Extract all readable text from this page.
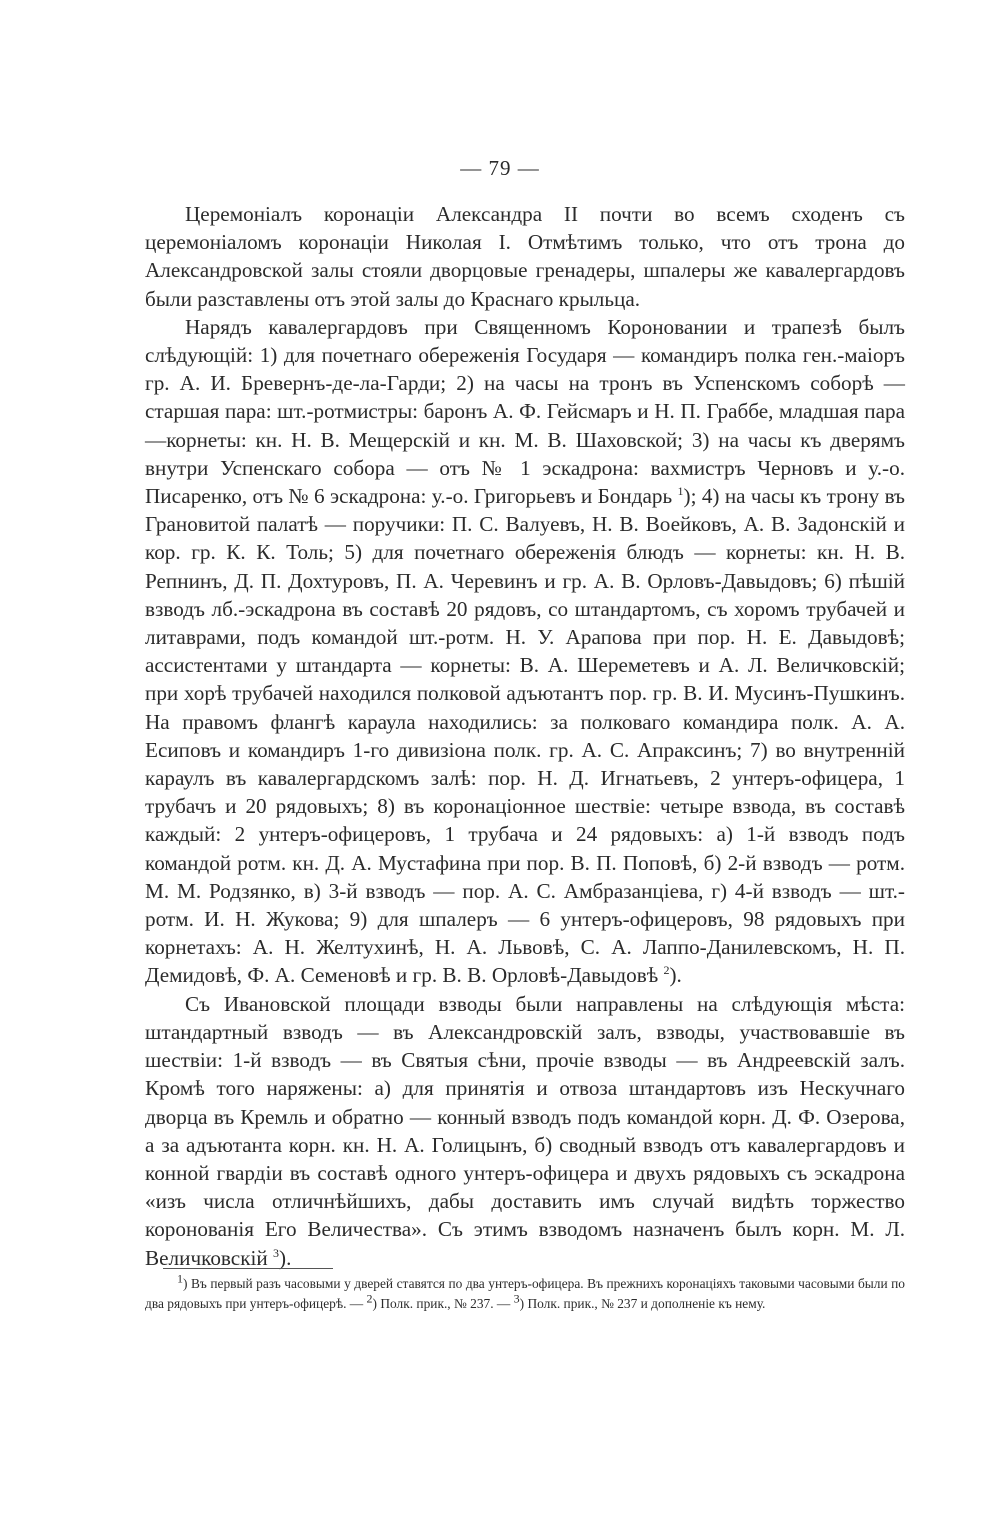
— 79 —

Церемоніалъ коронаціи Александра II почти во всемъ сходенъ съ церемоніаломъ коронаціи Николая I. Отмѣтимъ только, что отъ трона до Александровской залы стояли дворцовые гренадеры, шпалеры же кавалергардовъ были разставлены отъ этой залы до Краснаго крыльца.

Нарядъ кавалергардовъ при Священномъ Короновании и трапезѣ былъ слѣдующій: 1) для почетнаго обереженія Государя — командиръ полка ген.-маіоръ гр. А. И. Бревернъ-де-ла-Гарди; 2) на часы на тронъ въ Успенскомъ соборѣ — старшая пара: шт.-ротмистры: баронъ А. Ф. Гейсмаръ и Н. П. Граббе, младшая пара—корнеты: кн. Н. В. Мещерскій и кн. М. В. Шаховской; 3) на часы къ дверямъ внутри Успенскаго собора — отъ № 1 эскадрона: вахмистръ Черновъ и у.-о. Писаренко, отъ № 6 эскадрона: у.-о. Григорьевъ и Бондарь $^1$); 4) на часы къ трону въ Грановитой палатѣ — поручики: П. С. Валуевъ, Н. В. Воейковъ, А. В. Задонскій и кор. гр. К. К. Толь; 5) для почетнаго обереженія блюдъ — корнеты: кн. Н. В. Репнинъ, Д. П. Дохтуровъ, П. А. Черевинъ и гр. А. В. Орловъ-Давыдовъ; 6) пѣшій взводъ лб.-эскадрона въ составѣ 20 рядовъ, со штандартомъ, съ хоромъ трубачей и литаврами, подъ командой шт.-ротм. Н. У. Арапова при пор. Н. Е. Давыдовѣ; ассистентами у штандарта — корнеты: В. А. Шереметевъ и А. Л. Величковскій; при хорѣ трубачей находился полковой адъютантъ пор. гр. В. И. Мусинъ-Пушкинъ. На правомъ флангѣ караула находились: за полковаго командира полк. А. А. Есиповъ и командиръ 1-го дивизіона полк. гр. А. С. Апраксинъ; 7) во внутренній караулъ въ кавалергардскомъ залѣ: пор. Н. Д. Игнатьевъ, 2 унтеръ-офицера, 1 трубачъ и 20 рядовыхъ; 8) въ коронаціонное шествіе: четыре взвода, въ составѣ каждый: 2 унтеръ-офицеровъ, 1 трубача и 24 рядовыхъ: а) 1-й взводъ подъ командой ротм. кн. Д. А. Мустафина при пор. В. П. Поповѣ, б) 2-й взводъ — ротм. М. М. Родзянко, в) 3-й взводъ — пор. А. С. Амбразанціева, г) 4-й взводъ — шт.-ротм. И. Н. Жукова; 9) для шпалеръ — 6 унтеръ-офицеровъ, 98 рядовыхъ при корнетахъ: А. Н. Желтухинѣ, Н. А. Львовѣ, С. А. Лаппо-Данилевскомъ, Н. П. Демидовѣ, Ф. А. Семеновѣ и гр. В. В. Орловѣ-Давыдовѣ $^2$).

Съ Ивановской площади взводы были направлены на слѣдующія мѣста: штандартный взводъ — въ Александровскій залъ, взводы, участвовавшіе въ шествіи: 1-й взводъ — въ Святыя сѣни, прочіе взводы — въ Андреевскій залъ. Кромѣ того наряжены: а) для принятія и отвоза штандартовъ изъ Нескучнаго дворца въ Кремль и обратно — конный взводъ подъ командой корн. Д. Ф. Озерова, а за адъютанта корн. кн. Н. А. Голицынъ, б) сводный взводъ отъ кавалергардовъ и конной гвардіи въ составѣ одного унтеръ-офицера и двухъ рядовыхъ съ эскадрона «изъ числа отличнѣйшихъ, дабы доставить имъ случай видѣть торжество коронованія Его Величества». Съ этимъ взводомъ назначенъ былъ корн. М. Л. Величковскій $^3$).

$^1$) Въ первый разъ часовыми у дверей ставятся по два унтеръ-офицера. Въ прежнихъ коронаціяхъ таковыми часовыми были по два рядовыхъ при унтеръ-офицерѣ. — $^2$) Полк. прик., № 237. — $^3$) Полк. прик., № 237 и дополненіе къ нему.
